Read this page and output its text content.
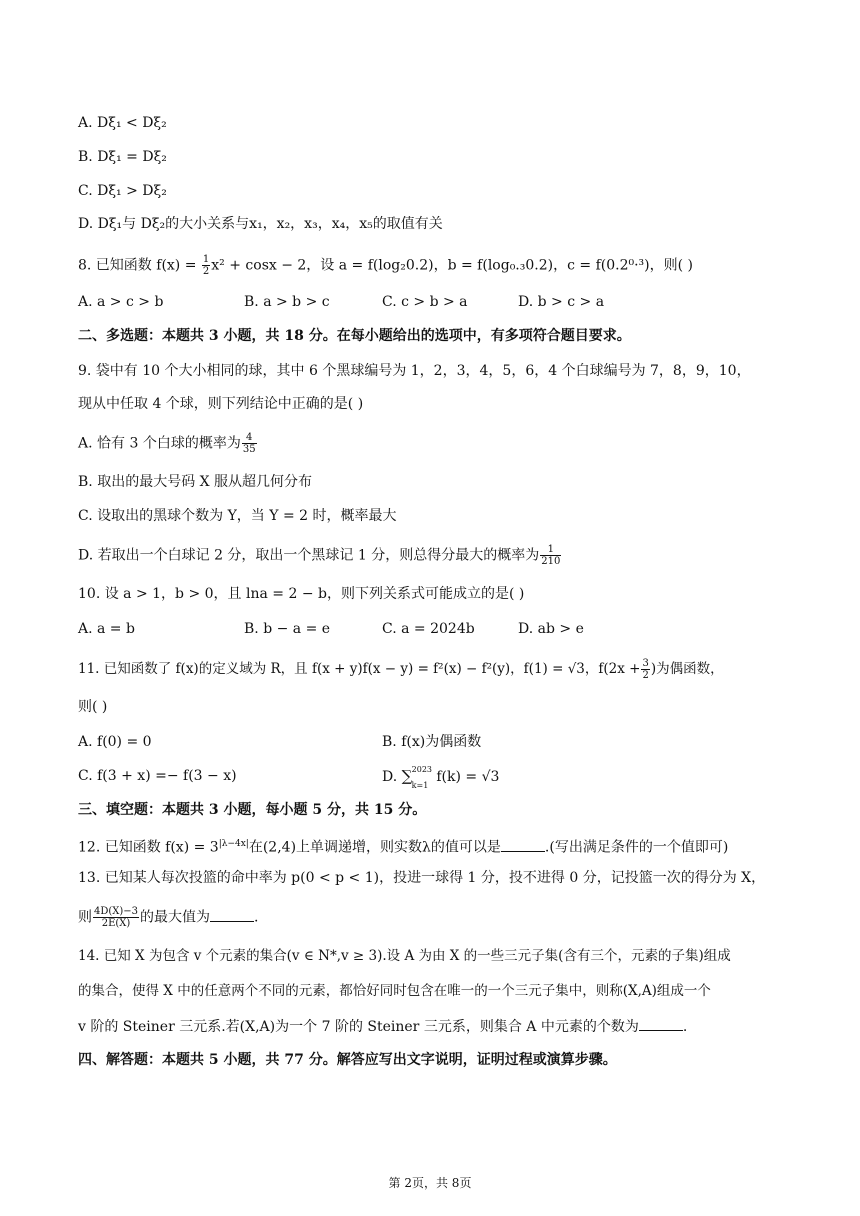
A. Dξ₁ < Dξ₂
B. Dξ₁ = Dξ₂
C. Dξ₁ > Dξ₂
D. Dξ₁与 Dξ₂的大小关系与x₁，x₂，x₃，x₄，x₅的取值有关
8. 已知函数 $f(x) = \frac{1}{2} x^2 + \cos x - 2$，设 a = f(log₂0.2)，b = f(log₀.₃0.2)，c = f(0.2⁰·³)，则( )
A. a > c > b	B. a > b > c	C. c > b > a	D. b > c > a
二、多选题：本题共 3 小题，共 18 分。在每小题给出的选项中，有多项符合题目要求。
9. 袋中有 10 个大小相同的球，其中 6 个黑球编号为 1，2，3，4，5，6，4 个白球编号为 7，8，9，10，
现从中任取 4 个球，则下列结论中正确的是( )
A. 恰有 3 个白球的概率为 $\frac{4}{35}$
B. 取出的最大号码 X 服从超几何分布
C. 设取出的黑球个数为 Y，当 Y = 2 时，概率最大
D. 若取出一个白球记 2 分，取出一个黑球记 1 分，则总得分最大的概率为 $\frac{1}{210}$
10. 设 a > 1，b > 0，且 lna = 2 − b，则下列关系式可能成立的是( )
A. a = b	B. b − a = e	C. a = 2024b	D. ab > e
11. 已知函数了 f(x)的定义域为 R，且 f(x + y)f(x − y) = f²(x) − f²(y)，f(1) = √3，$f(2x + \frac{3}{2}$ )为偶函数，
则( )
A. f(0) = 0	B. f(x)为偶函数
C. f(3 + x) =− f(3 − x)	D. ∑ 2023
k=1
f(k) = √3
三、填空题：本题共 3 小题，每小题 5 分，共 15 分。
12. 已知函数 $f(x) = 3^{|\lambda-4x|}$在(2,4)上单调递增，则实数λ的值可以是	.(写出满足条件的一个值即可)
13. 已知某人每次投篮的命中率为 p(0 < p < 1)，投进一球得 1 分，投不进得 0 分，记投篮一次的得分为 X，
则 $\frac{4D(X)-3}{2E(X)}$ 的最大值为	.
14. 已知 X 为包含 v 个元素的集合(v ∈ N*,v ≥ 3).设 A 为由 X 的一些三元子集(含有三个，元素的子集)组成
的集合，使得 X 中的任意两个不同的元素，都恰好同时包含在唯一的一个三元子集中，则称(X,A)组成一个
v 阶的 Steiner 三元系.若(X,A)为一个 7 阶的 Steiner 三元系，则集合 A 中元素的个数为	.
四、解答题：本题共 5 小题，共 77 分。解答应写出文字说明，证明过程或演算步骤。
第 2页，共 8页
